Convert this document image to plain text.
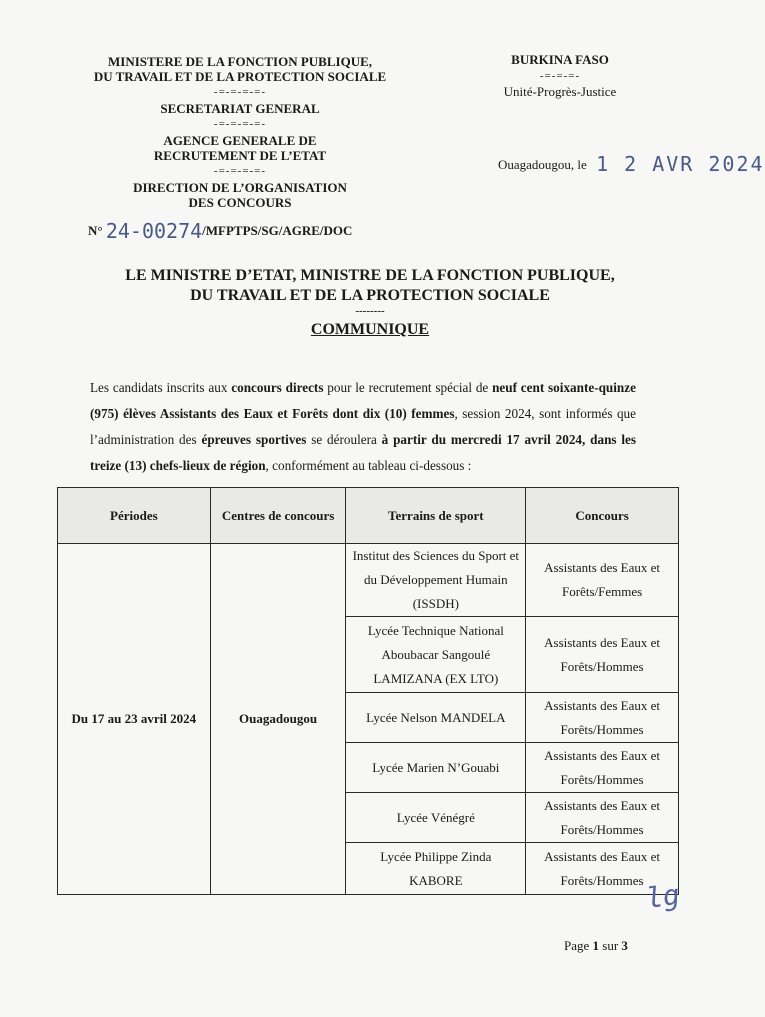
MINISTERE DE LA FONCTION PUBLIQUE,
DU TRAVAIL ET DE LA PROTECTION SOCIALE
-=-=-=-=-
SECRETARIAT GENERAL
-=-=-=-=-
AGENCE GENERALE DE
RECRUTEMENT DE L’ETAT
-=-=-=-=-
DIRECTION DE L’ORGANISATION
DES CONCOURS
BURKINA FASO
-=-=-=-
Unité-Progrès-Justice
Ouagadougou, le 1 2 AVR 2024
N° 24-00274/MFPTPS/SG/AGRE/DOC
LE MINISTRE D’ETAT, MINISTRE DE LA FONCTION PUBLIQUE,
DU TRAVAIL ET DE LA PROTECTION SOCIALE
--------
COMMUNIQUE
Les candidats inscrits aux concours directs pour le recrutement spécial de neuf cent soixante-quinze (975) élèves Assistants des Eaux et Forêts dont dix (10) femmes, session 2024, sont informés que l’administration des épreuves sportives se déroulera à partir du mercredi 17 avril 2024, dans les treize (13) chefs-lieux de région, conformément au tableau ci-dessous :
Périodes	Centres de concours	Terrains de sport	Concours
Du 17 au 23 avril 2024	Ouagadougou	Institut des Sciences du Sport et du Développement Humain (ISSDH)	Assistants des Eaux et Forêts/Femmes
		Lycée Technique National Aboubacar Sangoulé LAMIZANA (EX LTO)	Assistants des Eaux et Forêts/Hommes
		Lycée Nelson MANDELA	Assistants des Eaux et Forêts/Hommes
		Lycée Marien N’Gouabi	Assistants des Eaux et Forêts/Hommes
		Lycée Vénégré	Assistants des Eaux et Forêts/Hommes
		Lycée Philippe Zinda KABORE	Assistants des Eaux et Forêts/Hommes lg
Page 1 sur 3
